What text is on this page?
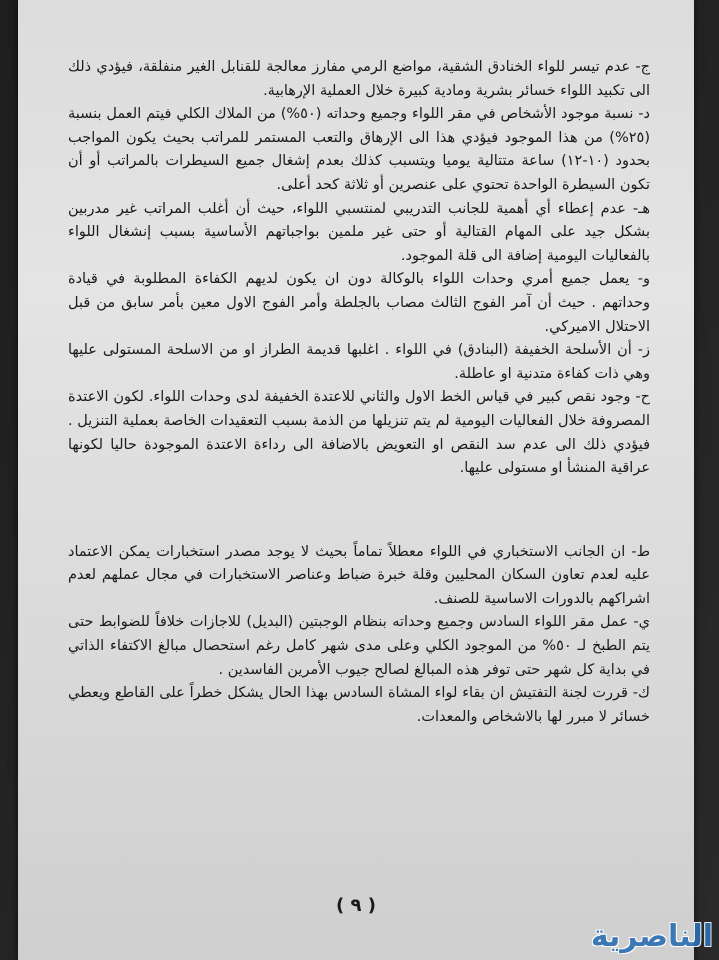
ج- عدم تيسر للواء الخنادق الشقية، مواضع الرمي مفارز معالجة للقنابل الغير منفلقة، فيؤدي ذلك الى تكبيد اللواء خسائر بشرية ومادية كبيرة خلال العملية الإرهابية.

د- نسبة موجود الأشخاص في مقر اللواء وجميع وحداته (٥٠%) من الملاك الكلي فيتم العمل بنسبة (٢٥%) من هذا الموجود فيؤدي هذا الى الإرهاق والتعب المستمر للمراتب بحيث يكون المواجب بحدود (١٠-١٢) ساعة متتالية يوميا ويتسبب كذلك بعدم إشغال جميع السيطرات بالمراتب أو أن تكون السيطرة الواحدة تحتوي على عنصرين أو ثلاثة كحد أعلى.

هـ- عدم إعطاء أي أهمية للجانب التدريبي لمنتسبي اللواء، حيث أن أغلب المراتب غير مدربين بشكل جيد على المهام القتالية أو حتى غير ملمين بواجباتهم الأساسية بسبب إنشغال اللواء بالفعاليات اليومية إضافة الى قلة الموجود.

و- يعمل جميع أمري وحدات اللواء بالوكالة دون ان يكون لديهم الكفاءة المطلوبة في قيادة وحداتهم . حيث أن آمر الفوج الثالث مصاب بالجلطة وأمر الفوج الاول معين بأمر سابق من قبل الاحتلال الاميركي.

ز- أن الأسلحة الخفيفة (البنادق) في اللواء . اغلبها قديمة الطراز او من الاسلحة المستولى عليها وهي ذات كفاءة متدنية او عاطلة.

ح- وجود نقص كبير في قياس الخط الاول والثاني للاعتدة الخفيفة لدى وحدات اللواء. لكون الاعتدة المصروفة خلال الفعاليات اليومية لم يتم تنزيلها من الذمة بسبب التعقيدات الخاصة بعملية التنزيل . فيؤدي ذلك الى عدم سد النقص او التعويض بالاضافة الى رداءة الاعتدة الموجودة حاليا لكونها عراقية المنشأ او مستولى عليها.

ط- ان الجانب الاستخباري في اللواء معطلاً تماماً بحيث لا يوجد مصدر استخبارات يمكن الاعتماد عليه لعدم تعاون السكان المحليين وقلة خبرة ضباط وعناصر الاستخبارات في مجال عملهم لعدم اشراكهم بالدورات الاساسية للصنف.

ي- عمل مقر اللواء السادس وجميع وحداته بنظام الوجبتين (البديل) للاجازات خلافاً للضوابط حتى يتم الطبخ لـ ٥٠% من الموجود الكلي وعلى مدى شهر كامل رغم استحصال مبالغ الاكتفاء الذاتي في بداية كل شهر حتى توفر هذه المبالغ لصالح جيوب الأمرين الفاسدين .

ك- قررت لجنة التفتيش ان بقاء لواء المشاة السادس بهذا الحال يشكل خطراً على القاطع ويعطي خسائر لا مبرر لها بالاشخاص والمعدات.

( ٩ )
الناصرية
